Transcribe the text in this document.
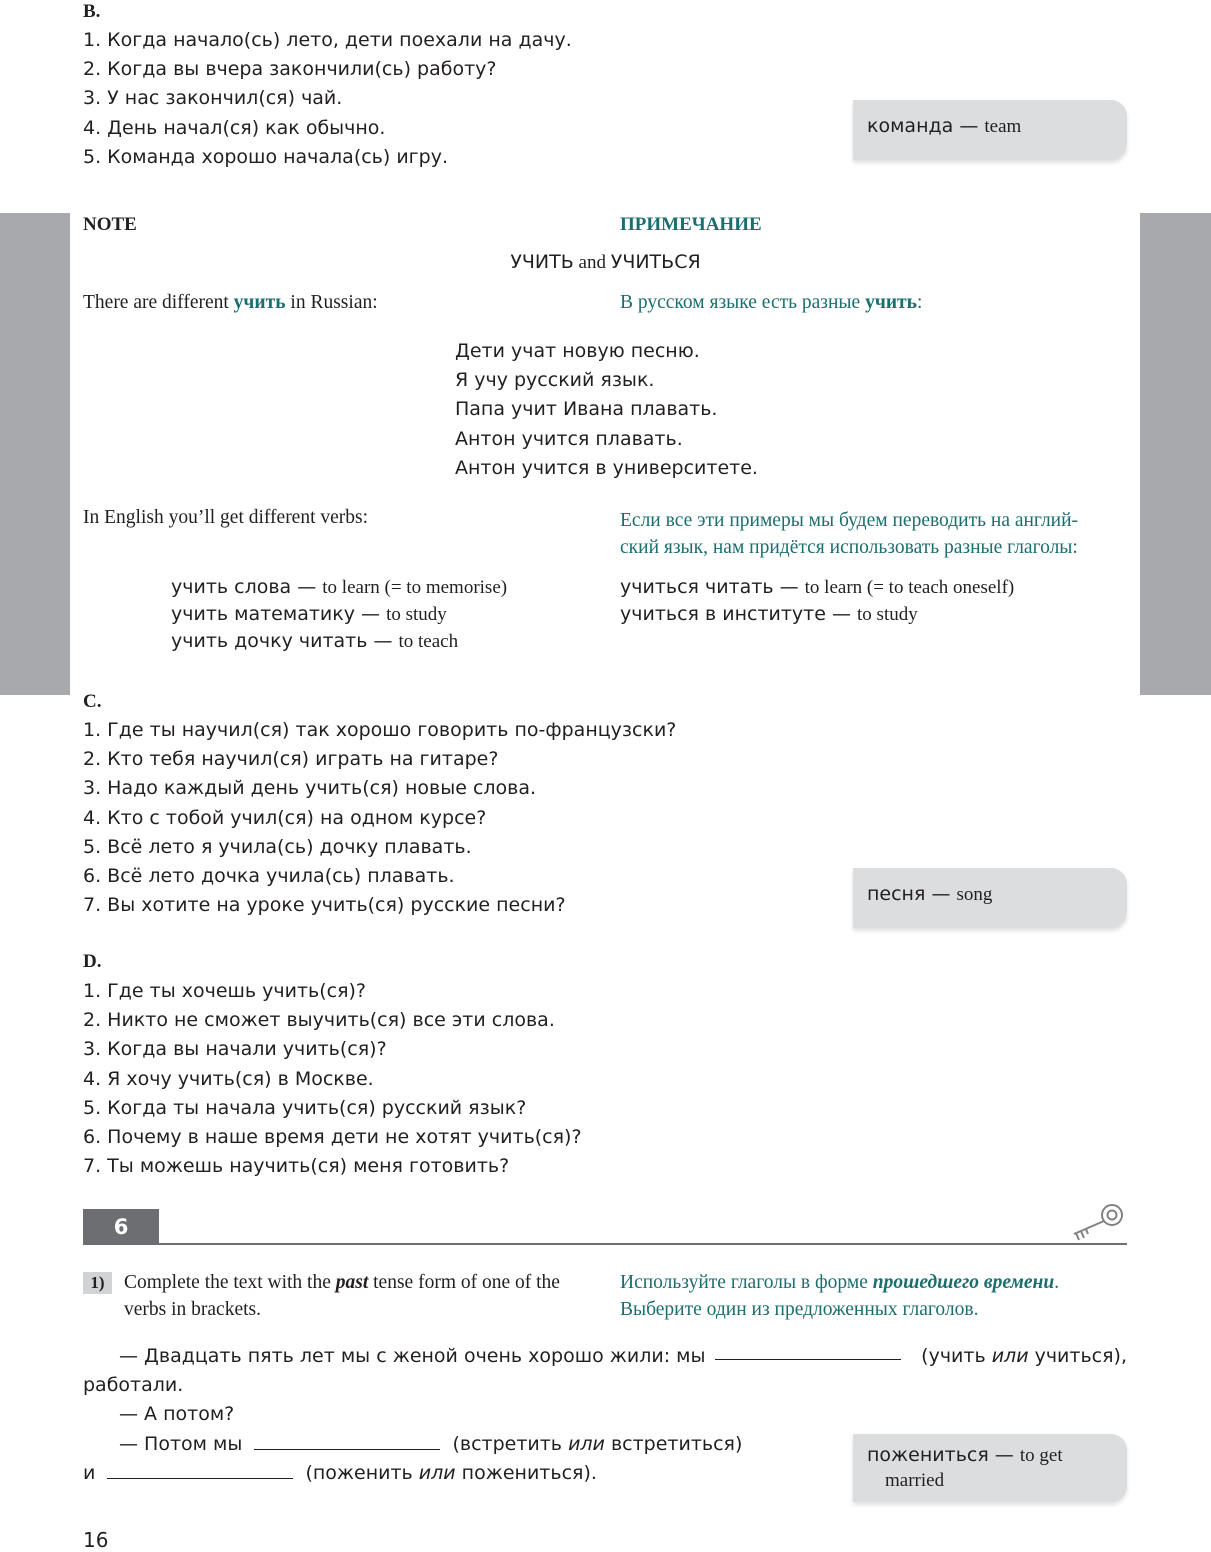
B.
1. Когда начало(сь) лето, дети поехали на дачу.
2. Когда вы вчера закончили(сь) работу?
3. У нас закончил(ся) чай.
4. День начал(ся) как обычно.
5. Команда хорошо начала(сь) игру.
команда — team
NOTE	ПРИМЕЧАНИЕ
УЧИТЬ and УЧИТЬСЯ
There are different учить in Russian:	В русском языке есть разные учить:
Дети учат новую песню.
Я учу русский язык.
Папа учит Ивана плавать.
Антон учится плавать.
Антон учится в университете.
In English you’ll get different verbs:	Если все эти примеры мы будем переводить на англий-
ский язык, нам придётся использовать разные глаголы:
учить слова — to learn (= to memorise)
учить математику — to study
учить дочку читать — to teach
учиться читать — to learn (= to teach oneself)
учиться в институте — to study
C.
1. Где ты научил(ся) так хорошо говорить по-французски?
2. Кто тебя научил(ся) играть на гитаре?
3. Надо каждый день учить(ся) новые слова.
4. Кто с тобой учил(ся) на одном курсе?
5. Всё лето я учила(сь) дочку плавать.
6. Всё лето дочка учила(сь) плавать.
7. Вы хотите на уроке учить(ся) русские песни?
песня — song
D.
1. Где ты хочешь учить(ся)?
2. Никто не сможет выучить(ся) все эти слова.
3. Когда вы начали учить(ся)?
4. Я хочу учить(ся) в Москве.
5. Когда ты начала учить(ся) русский язык?
6. Почему в наше время дети не хотят учить(ся)?
7. Ты можешь научить(ся) меня готовить?
6
1) Complete the text with the past tense form of one of the
verbs in brackets.
Используйте глаголы в форме прошедшего времени.
Выберите один из предложенных глаголов.
— Двадцать пять лет мы с женой очень хорошо жили: мы	(учить или учиться),
работали.
— А потом?
— Потом мы	(встретить или встретиться)
и	(поженить или пожениться).
пожениться — to get
married
16
